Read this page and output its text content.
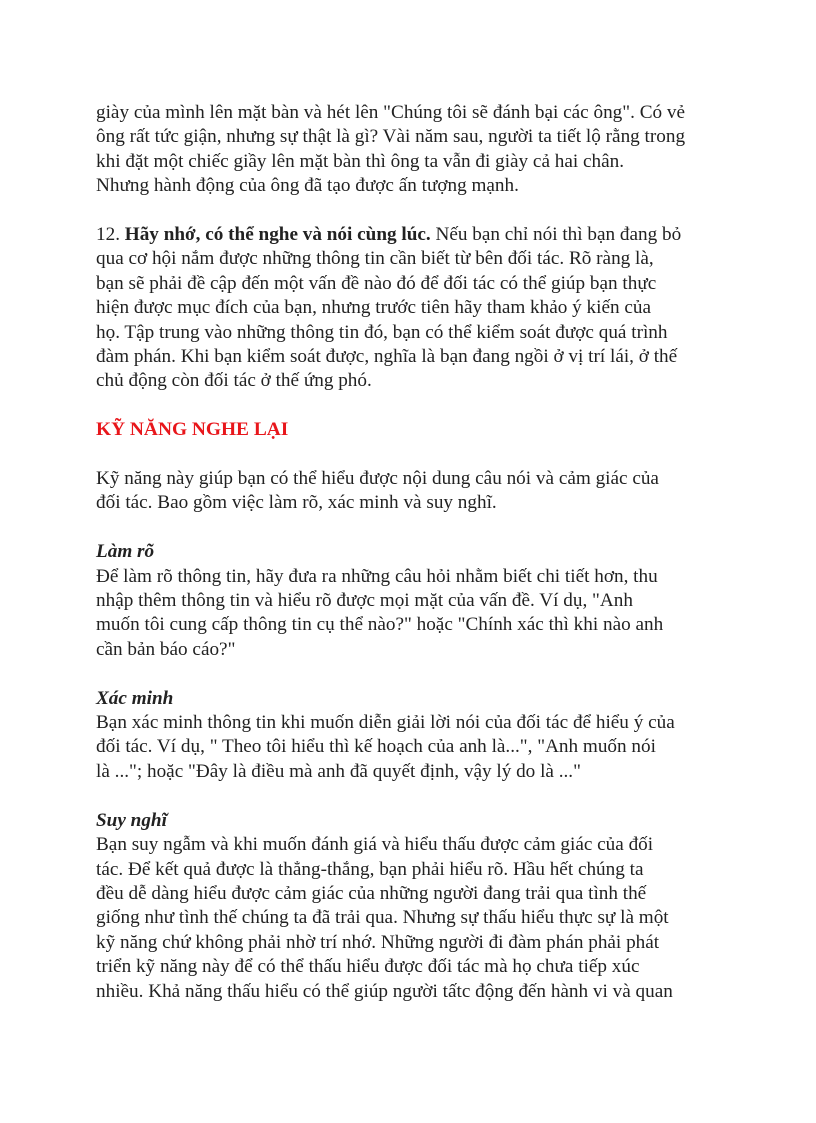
giày của mình lên mặt bàn và hét lên "Chúng tôi sẽ đánh bại các ông". Có vẻ
ông rất tức giận, nhưng sự thật là gì? Vài năm sau, người ta tiết lộ rằng trong
khi đặt một chiếc giầy lên mặt bàn thì ông ta vẫn đi giày cả hai chân.
Nhưng hành động của ông đã tạo được ấn tượng mạnh.

12. Hãy nhớ, có thể nghe và nói cùng lúc. Nếu bạn chỉ nói thì bạn đang bỏ
qua cơ hội nắm được những thông tin cần biết từ bên đối tác. Rõ ràng là,
bạn sẽ phải đề cập đến một vấn đề nào đó để đối tác có thể giúp bạn thực
hiện được mục đích của bạn, nhưng trước tiên hãy tham khảo ý kiến của
họ. Tập trung vào những thông tin đó, bạn có thể kiểm soát được quá trình
đàm phán. Khi bạn kiểm soát được, nghĩa là bạn đang ngồi ở vị trí lái, ở thế
chủ động còn đối tác ở thế ứng phó.

KỸ NĂNG NGHE LẠI

Kỹ năng này giúp bạn có thể hiểu được nội dung câu nói và cảm giác của
đối tác. Bao gồm việc làm rõ, xác minh và suy nghĩ.

Làm rõ

Để làm rõ thông tin, hãy đưa ra những câu hỏi nhằm biết chi tiết hơn, thu
nhập thêm thông tin và hiểu rõ được mọi mặt của vấn đề. Ví dụ, "Anh
muốn tôi cung cấp thông tin cụ thể nào?" hoặc "Chính xác thì khi nào anh
cần bản báo cáo?"

Xác minh

Bạn xác minh thông tin khi muốn diễn giải lời nói của đối tác để hiểu ý của
đối tác. Ví dụ, " Theo tôi hiểu thì kế hoạch của anh là...", "Anh muốn nói
là ..."; hoặc "Đây là điều mà anh đã quyết định, vậy lý do là ..."

Suy nghĩ

Bạn suy ngẫm và khi muốn đánh giá và hiểu thấu được cảm giác của đối
tác. Để kết quả được là thẳng-thắng, bạn phải hiểu rõ. Hầu hết chúng ta
đều dễ dàng hiểu được cảm giác của những người đang trải qua tình thế
giống như tình thế chúng ta đã trải qua. Nhưng sự thấu hiểu thực sự là một
kỹ năng chứ không phải nhờ trí nhớ. Những người đi đàm phán phải phát
triển kỹ năng này để có thể thấu hiểu được đối tác mà họ chưa tiếp xúc
nhiều. Khả năng thấu hiểu có thể giúp người tấtc động đến hành vi và quan
